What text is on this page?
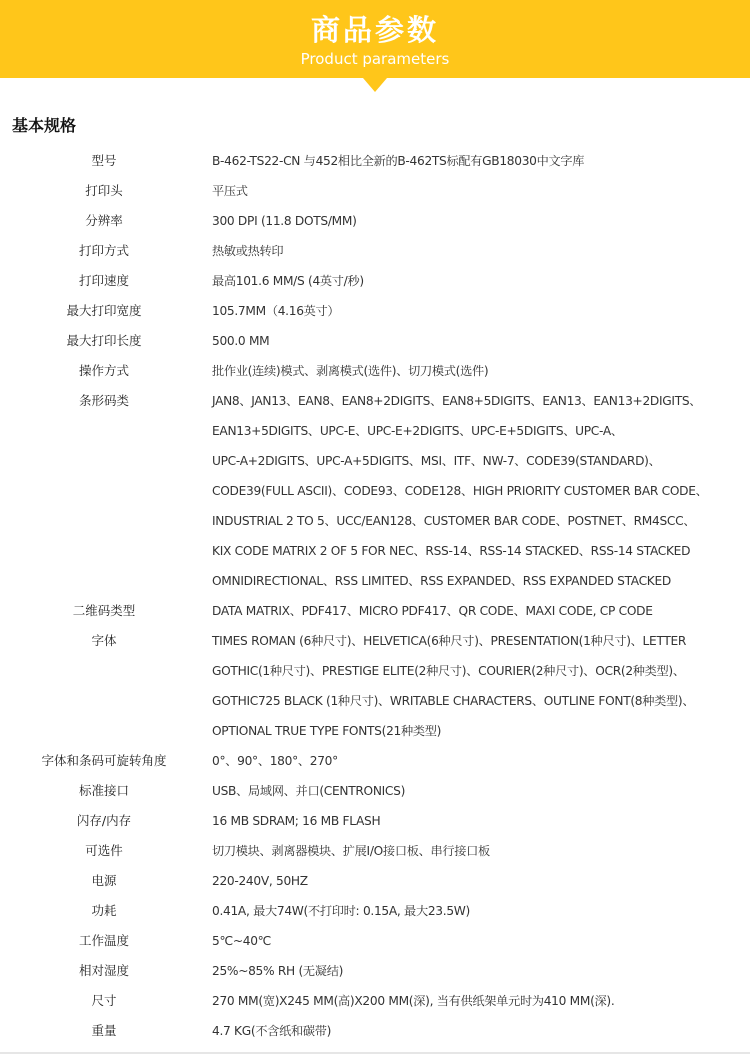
商品参数
Product parameters
基本规格
型号	B-462-TS22-CN 与452相比全新的B-462TS标配有GB18030中文字库
打印头	平压式
分辨率	300 DPI (11.8 DOTS/MM)
打印方式	热敏或热转印
打印速度	最高101.6 MM/S (4英寸/秒)
最大打印宽度	105.7MM（4.16英寸）
最大打印长度	500.0 MM
操作方式	批作业(连续)模式、剥离模式(选件)、切刀模式(选件)
条形码类	JAN8、JAN13、EAN8、EAN8+2DIGITS、EAN8+5DIGITS、EAN13、EAN13+2DIGITS、
EAN13+5DIGITS、UPC-E、UPC-E+2DIGITS、UPC-E+5DIGITS、UPC-A、
UPC-A+2DIGITS、UPC-A+5DIGITS、MSI、ITF、NW-7、CODE39(STANDARD)、
CODE39(FULL ASCII)、CODE93、CODE128、HIGH PRIORITY CUSTOMER BAR CODE、
INDUSTRIAL 2 TO 5、UCC/EAN128、CUSTOMER BAR CODE、POSTNET、RM4SCC、
KIX CODE MATRIX 2 OF 5 FOR NEC、RSS-14、RSS-14 STACKED、RSS-14 STACKED
OMNIDIRECTIONAL、RSS LIMITED、RSS EXPANDED、RSS EXPANDED STACKED
二维码类型	DATA MATRIX、PDF417、MICRO PDF417、QR CODE、MAXI CODE, CP CODE
字体	TIMES ROMAN (6种尺寸)、HELVETICA(6种尺寸)、PRESENTATION(1种尺寸)、LETTER
GOTHIC(1种尺寸)、PRESTIGE ELITE(2种尺寸)、COURIER(2种尺寸)、OCR(2种类型)、
GOTHIC725 BLACK (1种尺寸)、WRITABLE CHARACTERS、OUTLINE FONT(8种类型)、
OPTIONAL TRUE TYPE FONTS(21种类型)
字体和条码可旋转角度	0°、90°、180°、270°
标准接口	USB、局域网、并口(CENTRONICS)
闪存/内存	16 MB SDRAM; 16 MB FLASH
可选件	切刀模块、剥离器模块、扩展I/O接口板、串行接口板
电源	220-240V, 50HZ
功耗	0.41A, 最大74W(不打印时: 0.15A, 最大23.5W)
工作温度	5℃~40℃
相对湿度	25%~85% RH (无凝结)
尺寸	270 MM(宽)X245 MM(高)X200 MM(深), 当有供纸架单元时为410 MM(深).
重量	4.7 KG(不含纸和碳带)
